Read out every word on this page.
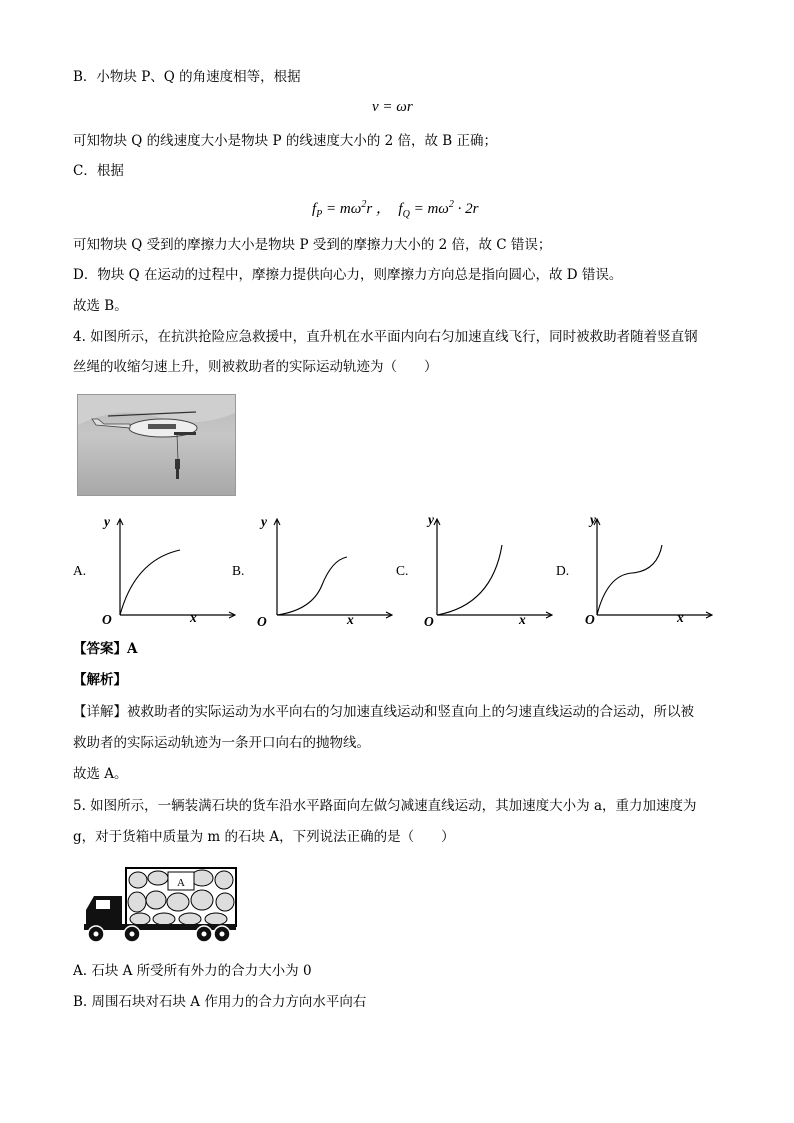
B．小物块 P、Q 的角速度相等，根据
v = ωr
可知物块 Q 的线速度大小是物块 P 的线速度大小的 2 倍，故 B 正确；
C．根据
$f_P = m\omega^2r$ ， $f_Q = m\omega^2 \cdot 2r$
可知物块 Q 受到的摩擦力大小是物块 P 受到的摩擦力大小的 2 倍，故 C 错误；
D．物块 Q 在运动的过程中，摩擦力提供向心力，则摩擦力方向总是指向圆心，故 D 错误。
故选 B。
4. 如图所示，在抗洪抢险应急救援中，直升机在水平面内向右匀加速直线飞行，同时被救助者随着竖直钢
丝绳的收缩匀速上升，则被救助者的实际运动轨迹为（　　）
A.	B.	C.	D.
y
x
O
y
x
O
y
x
O
y
x
O
【答案】A
【解析】
【详解】被救助者的实际运动为水平向右的匀加速直线运动和竖直向上的匀速直线运动的合运动，所以被
救助者的实际运动轨迹为一条开口向右的抛物线。
故选 A。
5. 如图所示，一辆装满石块的货车沿水平路面向左做匀减速直线运动，其加速度大小为 a，重力加速度为
g，对于货箱中质量为 m 的石块 A，下列说法正确的是（　　）
A
A. 石块 A 所受所有外力的合力大小为 0
B. 周围石块对石块 A 作用力的合力方向水平向右
